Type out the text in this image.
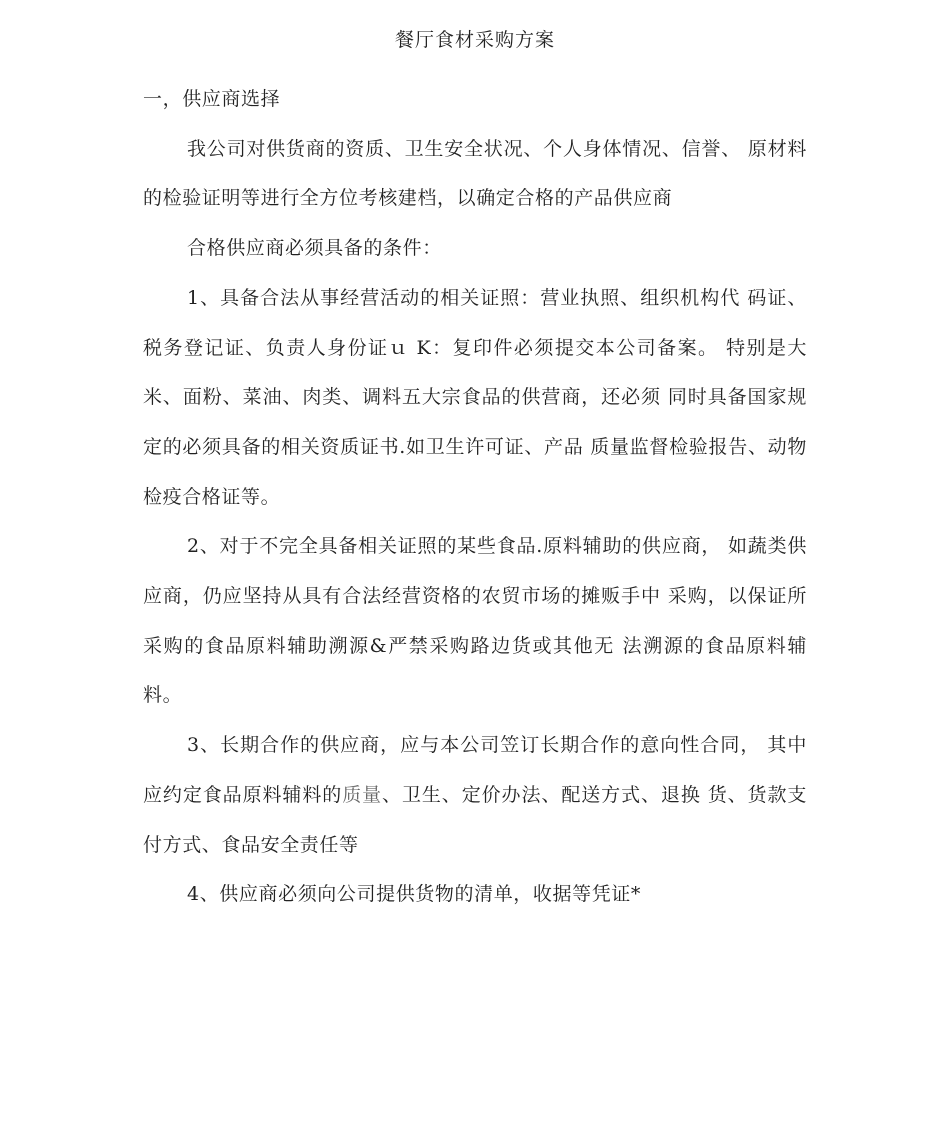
餐厅食材采购方案

一，供应商选择

我公司对供货商的资质、卫生安全状况、个人身体情况、信誉、 原材料的检验证明等进行全方位考核建档，以确定合格的产品供应商

合格供应商必须具备的条件：

1、具备合法从事经营活动的相关证照：营业执照、组织机构代 码证、税务登记证、负责人身份证ｕ K：复印件必须提交本公司备案。 特别是大米、面粉、菜油、肉类、调料五大宗食品的供营商，还必须 同时具备国家规定的必须具备的相关资质证书.如卫生许可证、产品 质量监督检验报告、动物检疫合格证等。

2、对于不完全具备相关证照的某些食品.原料辅助的供应商， 如蔬类供应商，仍应坚持从具有合法经营资格的农贸市场的摊贩手中 采购，以保证所采购的食品原料辅助溯源&严禁采购路边货或其他无 法溯源的食品原料辅料。

3、长期合作的供应商，应与本公司笠订长期合作的意向性合同， 其中应约定食品原料辅料的质量、卫生、定价办法、配送方式、退换 货、货款支付方式、食品安全责任等

4、供应商必须向公司提供货物的清单，收据等凭证*
